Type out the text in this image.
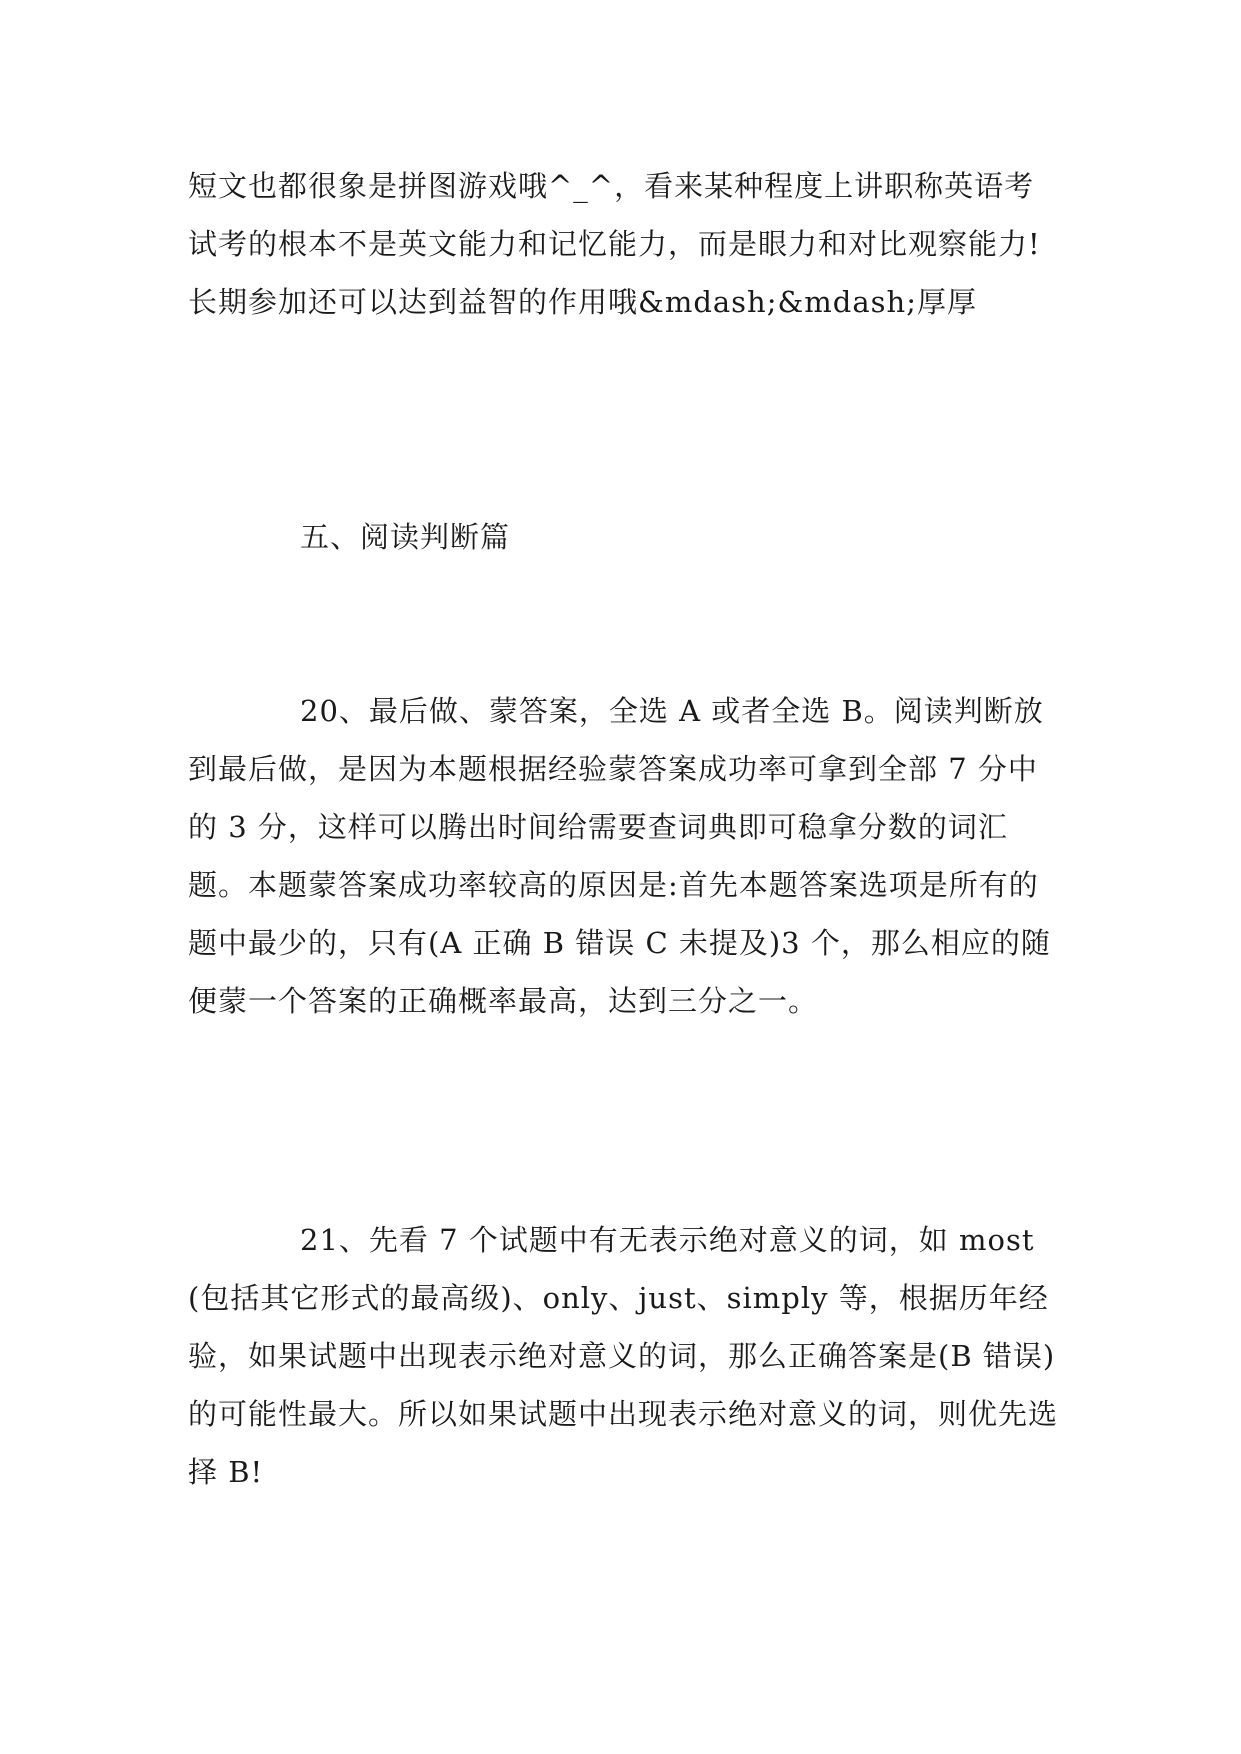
短文也都很象是拼图游戏哦^_^，看来某种程度上讲职称英语考试考的根本不是英文能力和记忆能力，而是眼力和对比观察能力!长期参加还可以达到益智的作用哦&mdash;&mdash;厚厚
五、阅读判断篇
20、最后做、蒙答案，全选 A 或者全选 B。阅读判断放到最后做，是因为本题根据经验蒙答案成功率可拿到全部 7 分中的 3 分，这样可以腾出时间给需要查词典即可稳拿分数的词汇题。本题蒙答案成功率较高的原因是:首先本题答案选项是所有的题中最少的，只有(A 正确 B 错误 C 未提及)3 个，那么相应的随便蒙一个答案的正确概率最高，达到三分之一。
21、先看 7 个试题中有无表示绝对意义的词，如 most(包括其它形式的最高级)、only、just、simply 等，根据历年经验，如果试题中出现表示绝对意义的词，那么正确答案是(B 错误)的可能性最大。所以如果试题中出现表示绝对意义的词，则优先选择 B!
